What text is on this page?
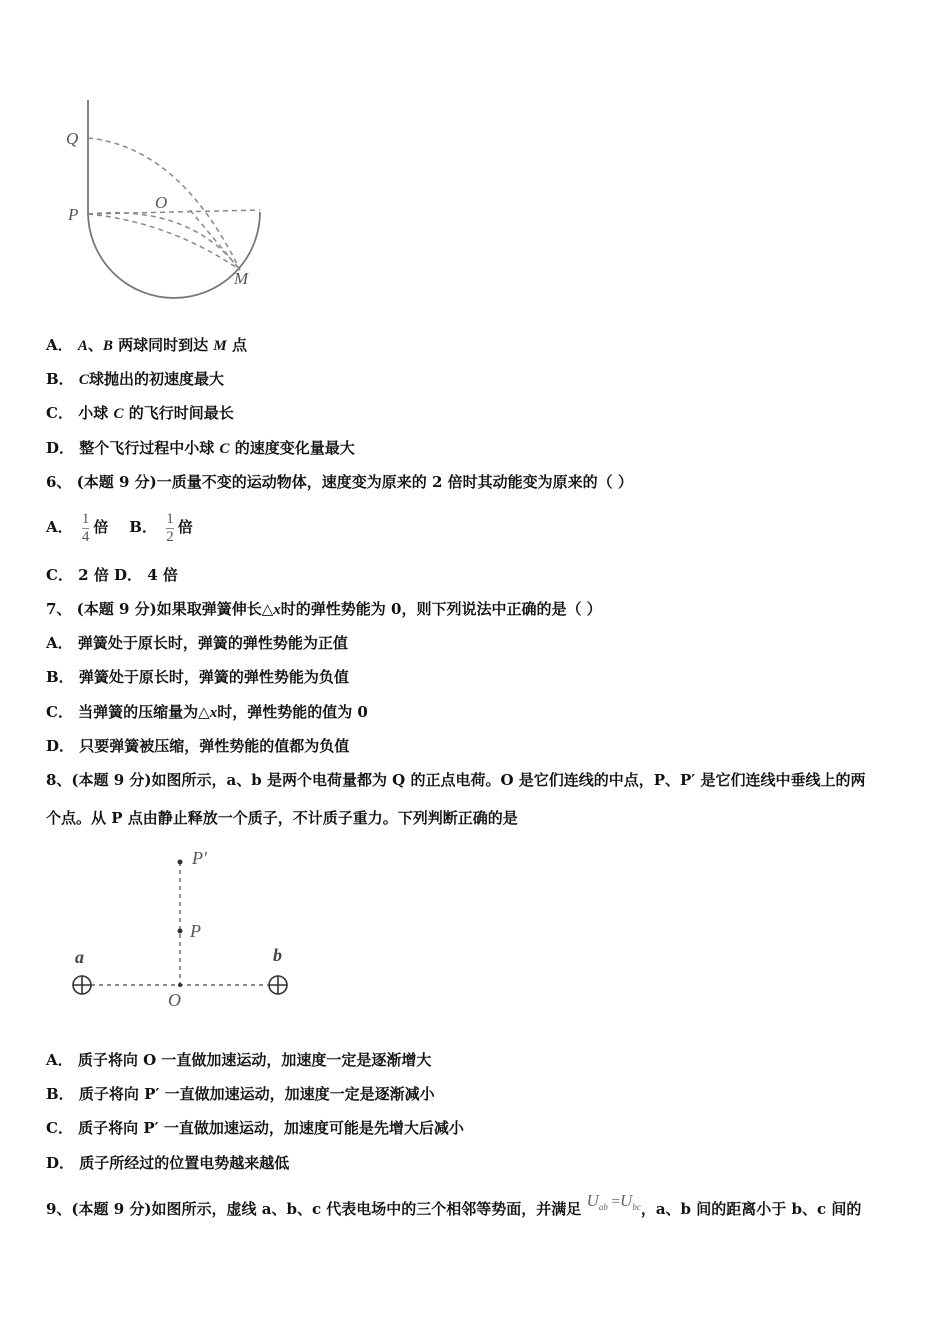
Q
P
O
M
A． A、B 两球同时到达 M 点
B． C球抛出的初速度最大
C． 小球 C 的飞行时间最长
D． 整个飞行过程中小球 C 的速度变化量最大
6、 (本题 9 分)一质量不变的运动物体，速度变为原来的 2 倍时其动能变为原来的（ ）
A． $\frac{1}{4}$ 倍 B． $\frac{1}{2}$ 倍
C． 2 倍 D． 4 倍
7、 (本题 9 分)如果取弹簧伸长△x时的弹性势能为 0，则下列说法中正确的是（ ）
A． 弹簧处于原长时，弹簧的弹性势能为正值
B． 弹簧处于原长时，弹簧的弹性势能为负值
C． 当弹簧的压缩量为△x时，弹性势能的值为 0
D． 只要弹簧被压缩，弹性势能的值都为负值
8、(本题 9 分)如图所示，a、b 是两个电荷量都为 Q 的正点电荷。O 是它们连线的中点，P、P′ 是它们连线中垂线上的两
个点。从 P 点由静止释放一个质子，不计质子重力。下列判断正确的是
P′
P
a	b
O
A． 质子将向 O 一直做加速运动，加速度一定是逐渐增大
B． 质子将向 P′ 一直做加速运动，加速度一定是逐渐减小
C． 质子将向 P′ 一直做加速运动，加速度可能是先增大后减小
D． 质子所经过的位置电势越来越低
9、(本题 9 分)如图所示，虚线 a、b、c 代表电场中的三个相邻等势面，并满足 $U_{ab} =U_{bc}$，a、b 间的距离小于 b、c 间的
